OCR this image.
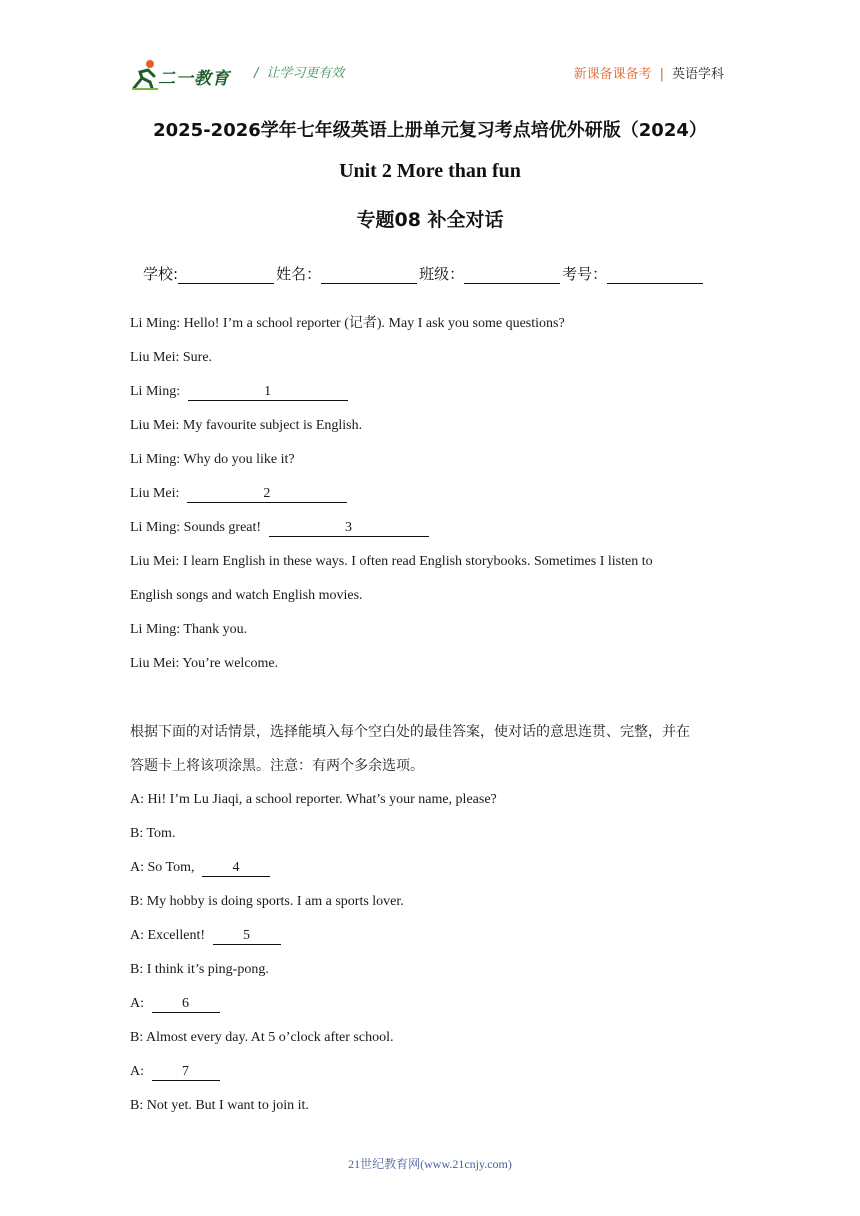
二一教育 / 让学习更有效	新课备课备考 | 英语学科
2025-2026学年七年级英语上册单元复习考点培优外研版（2024）
Unit 2 More than fun
专题08 补全对话
学校:	姓名：	班级：	考号：
Li Ming: Hello! I’m a school reporter (记者). May I ask you some questions?
Liu Mei: Sure.
Li Ming:	1
Liu Mei: My favourite subject is English.
Li Ming: Why do you like it?
Liu Mei:	2
Li Ming: Sounds great!	3
Liu Mei: I learn English in these ways. I often read English storybooks. Sometimes I listen to
English songs and watch English movies.
Li Ming: Thank you.
Liu Mei: You’re welcome.
根据下面的对话情景，选择能填入每个空白处的最佳答案，使对话的意思连贯、完整，并在
答题卡上将该项涂黑。注意：有两个多余选项。
A: Hi! I’m Lu Jiaqi, a school reporter. What’s your name, please?
B: Tom.
A: So Tom, 4
B: My hobby is doing sports. I am a sports lover.
A: Excellent! 5
B: I think it’s ping-pong.
A: 6
B: Almost every day. At 5 o’clock after school.
A: 7
B: Not yet. But I want to join it.
21世纪教育网(www.21cnjy.com)
